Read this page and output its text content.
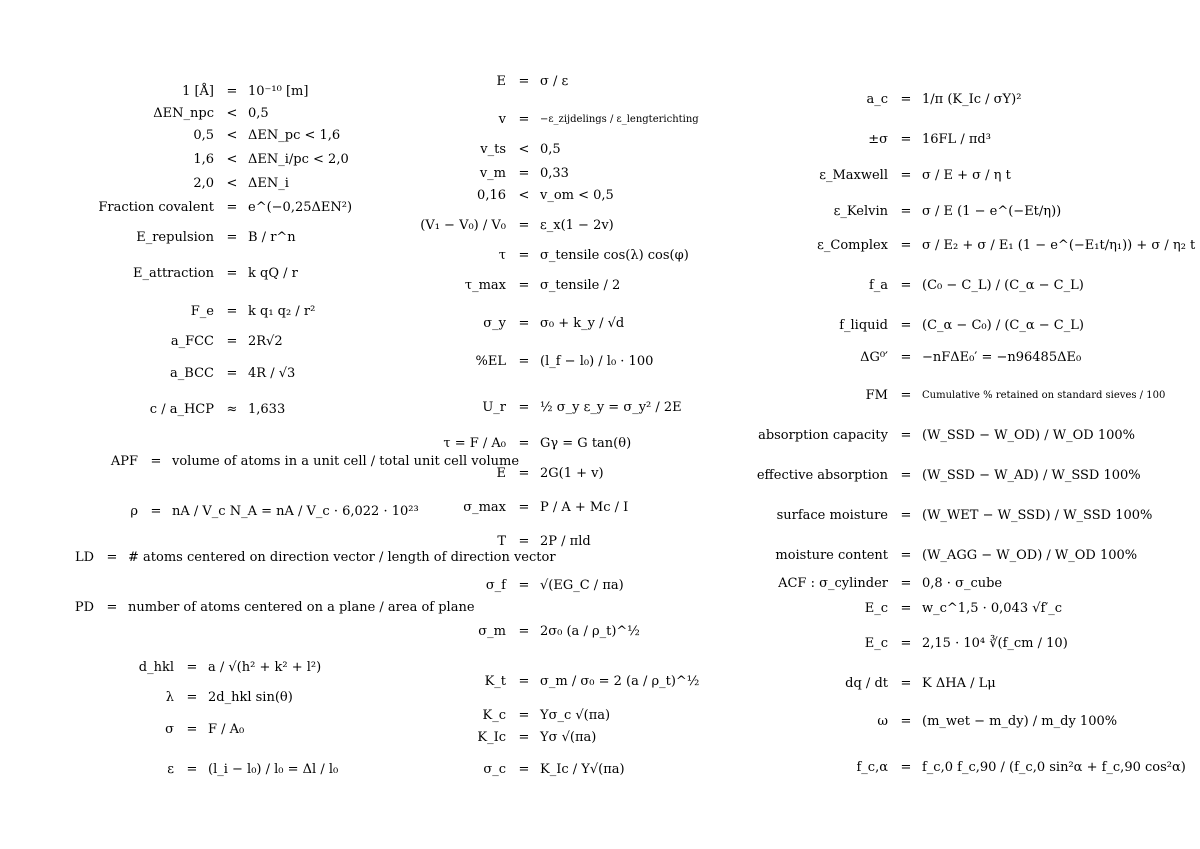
1 [Å] = 10⁻¹⁰ [m]
ΔEN_npc < 0,5
0,5 < ΔEN_pc < 1,6
1,6 < ΔEN_i/pc < 2,0
2,0 < ΔEN_i
Fraction covalent = e^(−0,25ΔEN²)
E_repulsion = B / r^n
E_attraction = k qQ / r
F_e = k q₁ q₂ / r²
a_FCC = 2R√2
a_BCC = 4R / √3
c / a_HCP ≈ 1,633
APF = volume of atoms in a unit cell / total unit cell volume
ρ = nA / V_c N_A = nA / V_c · 6,022 · 10²³
LD = # atoms centered on direction vector / length of direction vector
PD = number of atoms centered on a plane / area of plane
d_hkl = a / √(h² + k² + l²)
λ = 2d_hkl sin(θ)
σ = F / A₀
ε = (l_i − l₀) / l₀ = Δl / l₀
E = σ / ε
v =	−ε_zijdelings / ε_lengterichting
v_ts < 0,5
v_m = 0,33
0,16 < v_om < 0,5
(V₁ − V₀) / V₀ = ε_x(1 − 2v)
τ = σ_tensile cos(λ) cos(φ)
τ_max = σ_tensile / 2
σ_y = σ₀ + k_y / √d
%EL = (l_f − l₀) / l₀ · 100
U_r = ½ σ_y ε_y = σ_y² / 2E
τ = F / A₀ = Gγ = G tan(θ)
E = 2G(1 + v)
σ_max = P / A + Mc / I
T = 2P / πld
σ_f = √(EG_C / πa)
σ_m = 2σ₀ (a / ρ_t)^½
K_t = σ_m / σ₀ = 2 (a / ρ_t)^½
K_c = Yσ_c √(πa)
K_Ic = Yσ √(πa)
σ_c = K_Ic / Y√(πa)
a_c = 1/π (K_Ic / σY)²
±σ = 16FL / πd³
ε_Maxwell = σ / E + σ / η t
ε_Kelvin = σ / E (1 − e^(−Et/η))
ε_Complex = σ / E₂ + σ / E₁ (1 − e^(−E₁t/η₁)) + σ / η₂ t
f_a = (C₀ − C_L) / (C_α − C_L)
f_liquid = (C_α − C₀) / (C_α − C_L)
ΔG⁰′ = −nFΔE₀′ = −n96485ΔE₀
FM =	Cumulative % retained on standard sieves / 100
absorption capacity = (W_SSD − W_OD) / W_OD 100%
effective absorption = (W_SSD − W_AD) / W_SSD 100%
surface moisture = (W_WET − W_SSD) / W_SSD 100%
moisture content = (W_AGG − W_OD) / W_OD 100%
ACF : σ_cylinder = 0,8 · σ_cube
E_c = w_c^1,5 · 0,043 √f′_c
E_c = 2,15 · 10⁴ ∛(f_cm / 10)
dq / dt = K ΔHA / Lμ
ω = (m_wet − m_dy) / m_dy 100%
f_c,α = f_c,0 f_c,90 / (f_c,0 sin²α + f_c,90 cos²α)
